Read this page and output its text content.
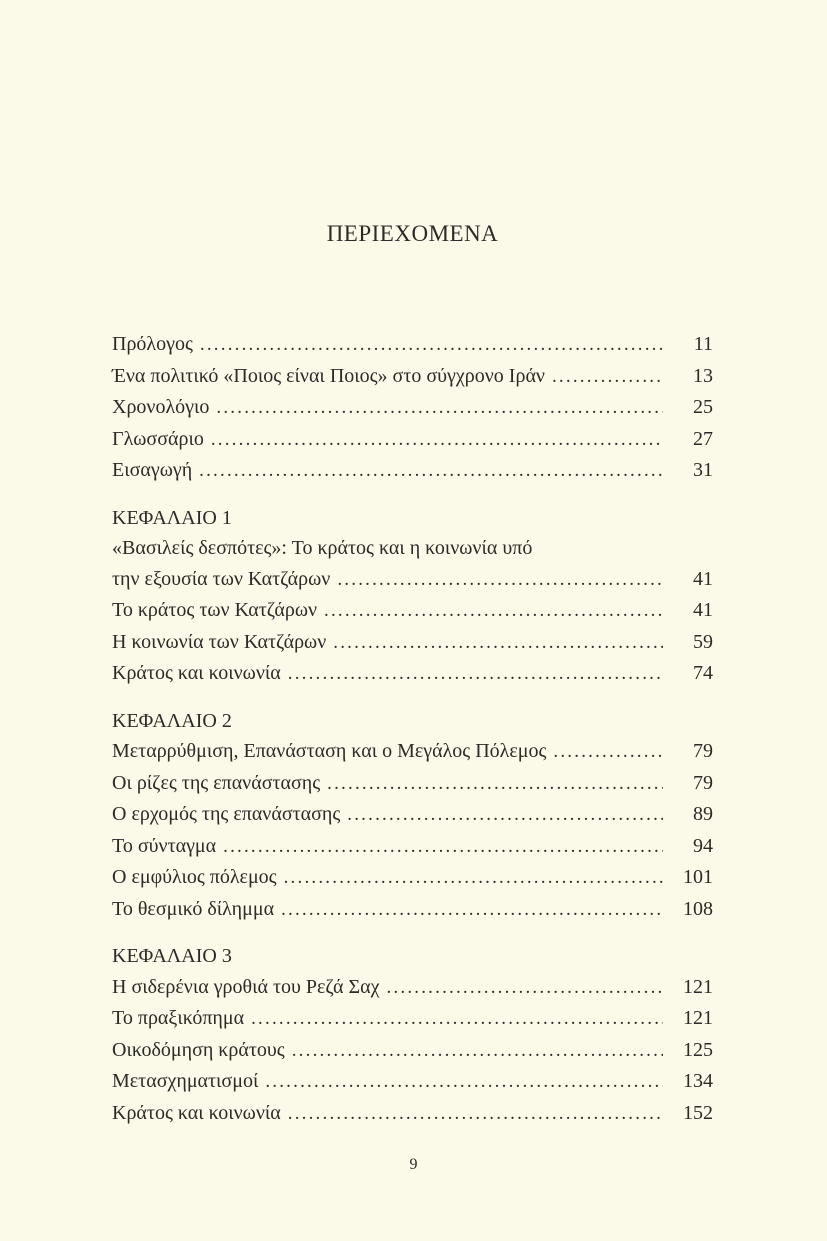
ΠΕΡΙΕΧΟΜΕΝΑ
Πρόλογος .....	11
Ένα πολιτικό «Ποιος είναι Ποιος» στο σύγχρονο Ιράν .....	13
Χρονολόγιο .....	25
Γλωσσάριο .....	27
Εισαγωγή .....	31
ΚΕΦΑΛΑΙΟ 1
«Βασιλείς δεσπότες»: Το κράτος και η κοινωνία υπό
την εξουσία των Κατζάρων .....	41
Το κράτος των Κατζάρων .....	41
Η κοινωνία των Κατζάρων .....	59
Κράτος και κοινωνία .....	74
ΚΕΦΑΛΑΙΟ 2
Μεταρρύθμιση, Επανάσταση και ο Μεγάλος Πόλεμος .....	79
Οι ρίζες της επανάστασης .....	79
Ο ερχομός της επανάστασης .....	89
Το σύνταγμα .....	94
Ο εμφύλιος πόλεμος .....	101
Το θεσμικό δίλημμα .....	108
ΚΕΦΑΛΑΙΟ 3
Η σιδερένια γροθιά του Ρεζά Σαχ .....	121
Το πραξικόπημα .....	121
Οικοδόμηση κράτους .....	125
Μετασχηματισμοί .....	134
Κράτος και κοινωνία .....	152
9
